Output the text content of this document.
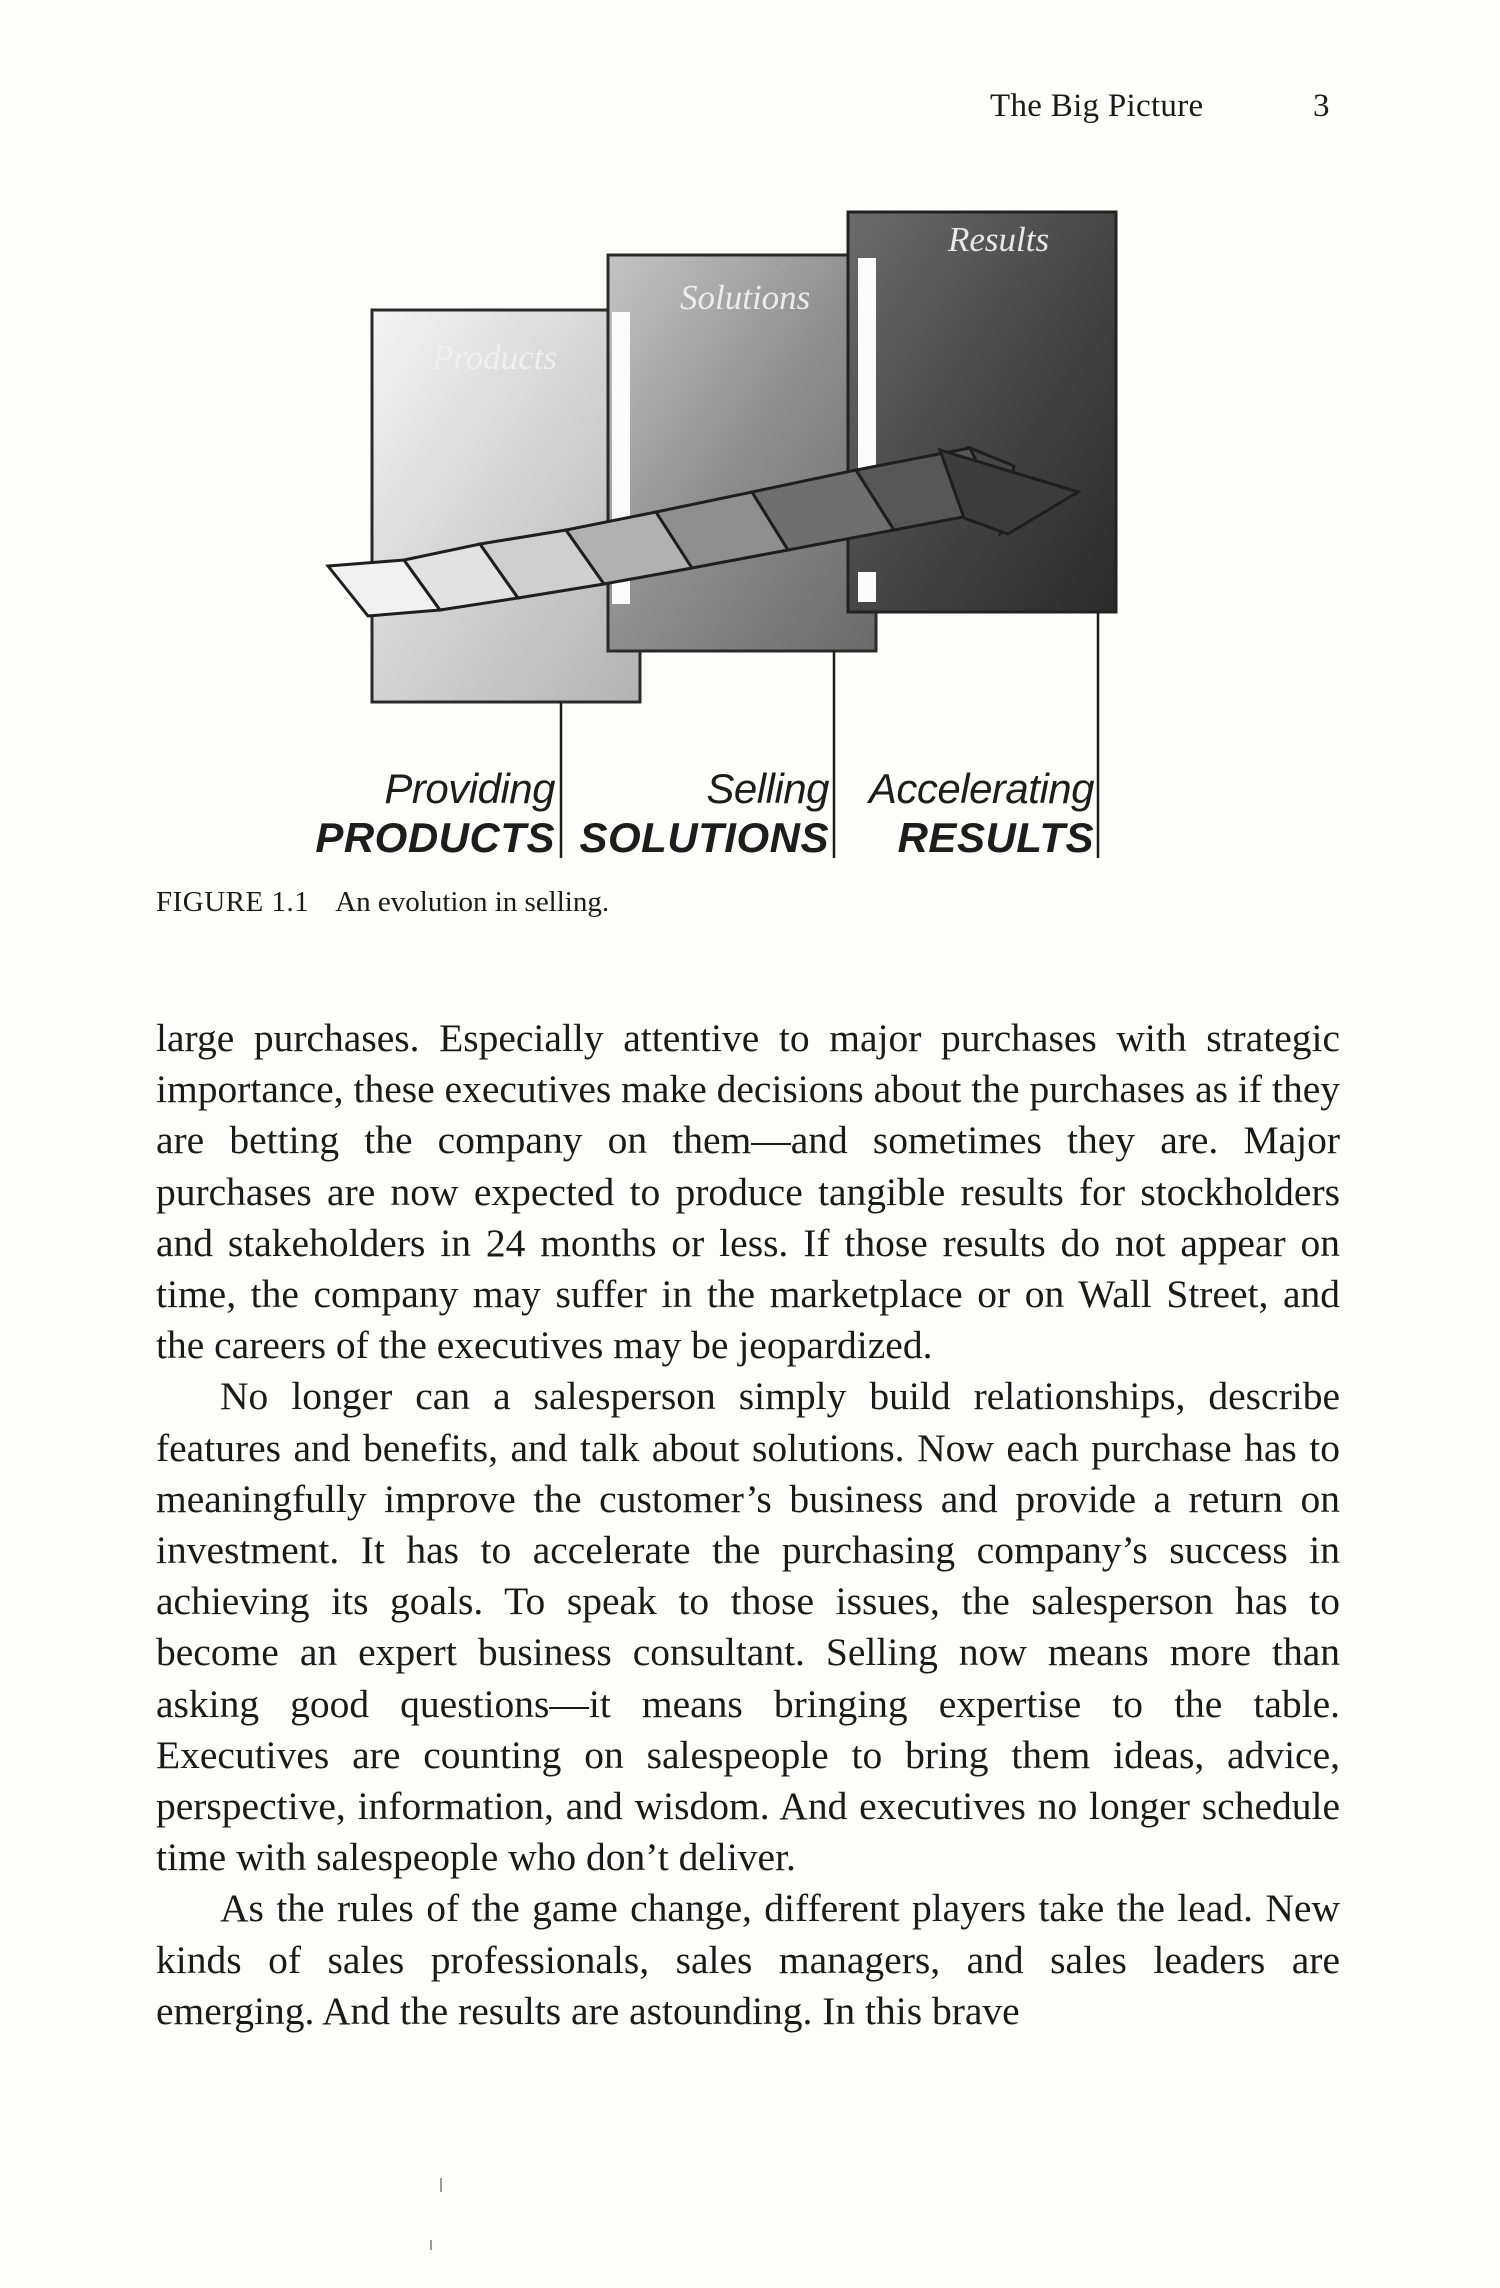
The Big Picture	3
Products
Solutions
Results
Providing
PRODUCTS
Selling
SOLUTIONS
Accelerating
RESULTS
FIGURE 1.1 An evolution in selling.

large purchases. Especially attentive to major purchases with strategic importance, these executives make decisions about the purchases as if they are betting the company on them—and sometimes they are. Major purchases are now expected to produce tangible results for stockholders and stakeholders in 24 months or less. If those results do not appear on time, the company may suffer in the marketplace or on Wall Street, and the careers of the executives may be jeopardized.

No longer can a salesperson simply build relationships, describe features and benefits, and talk about solutions. Now each purchase has to meaningfully improve the customer’s business and provide a return on investment. It has to accelerate the purchasing company’s success in achieving its goals. To speak to those issues, the salesperson has to become an expert business consultant. Selling now means more than asking good questions—it means bringing expertise to the table. Executives are counting on salespeople to bring them ideas, advice, perspective, information, and wisdom. And executives no longer schedule time with salespeople who don’t deliver.

As the rules of the game change, different players take the lead. New kinds of sales professionals, sales managers, and sales leaders are emerging. And the results are astounding. In this brave
